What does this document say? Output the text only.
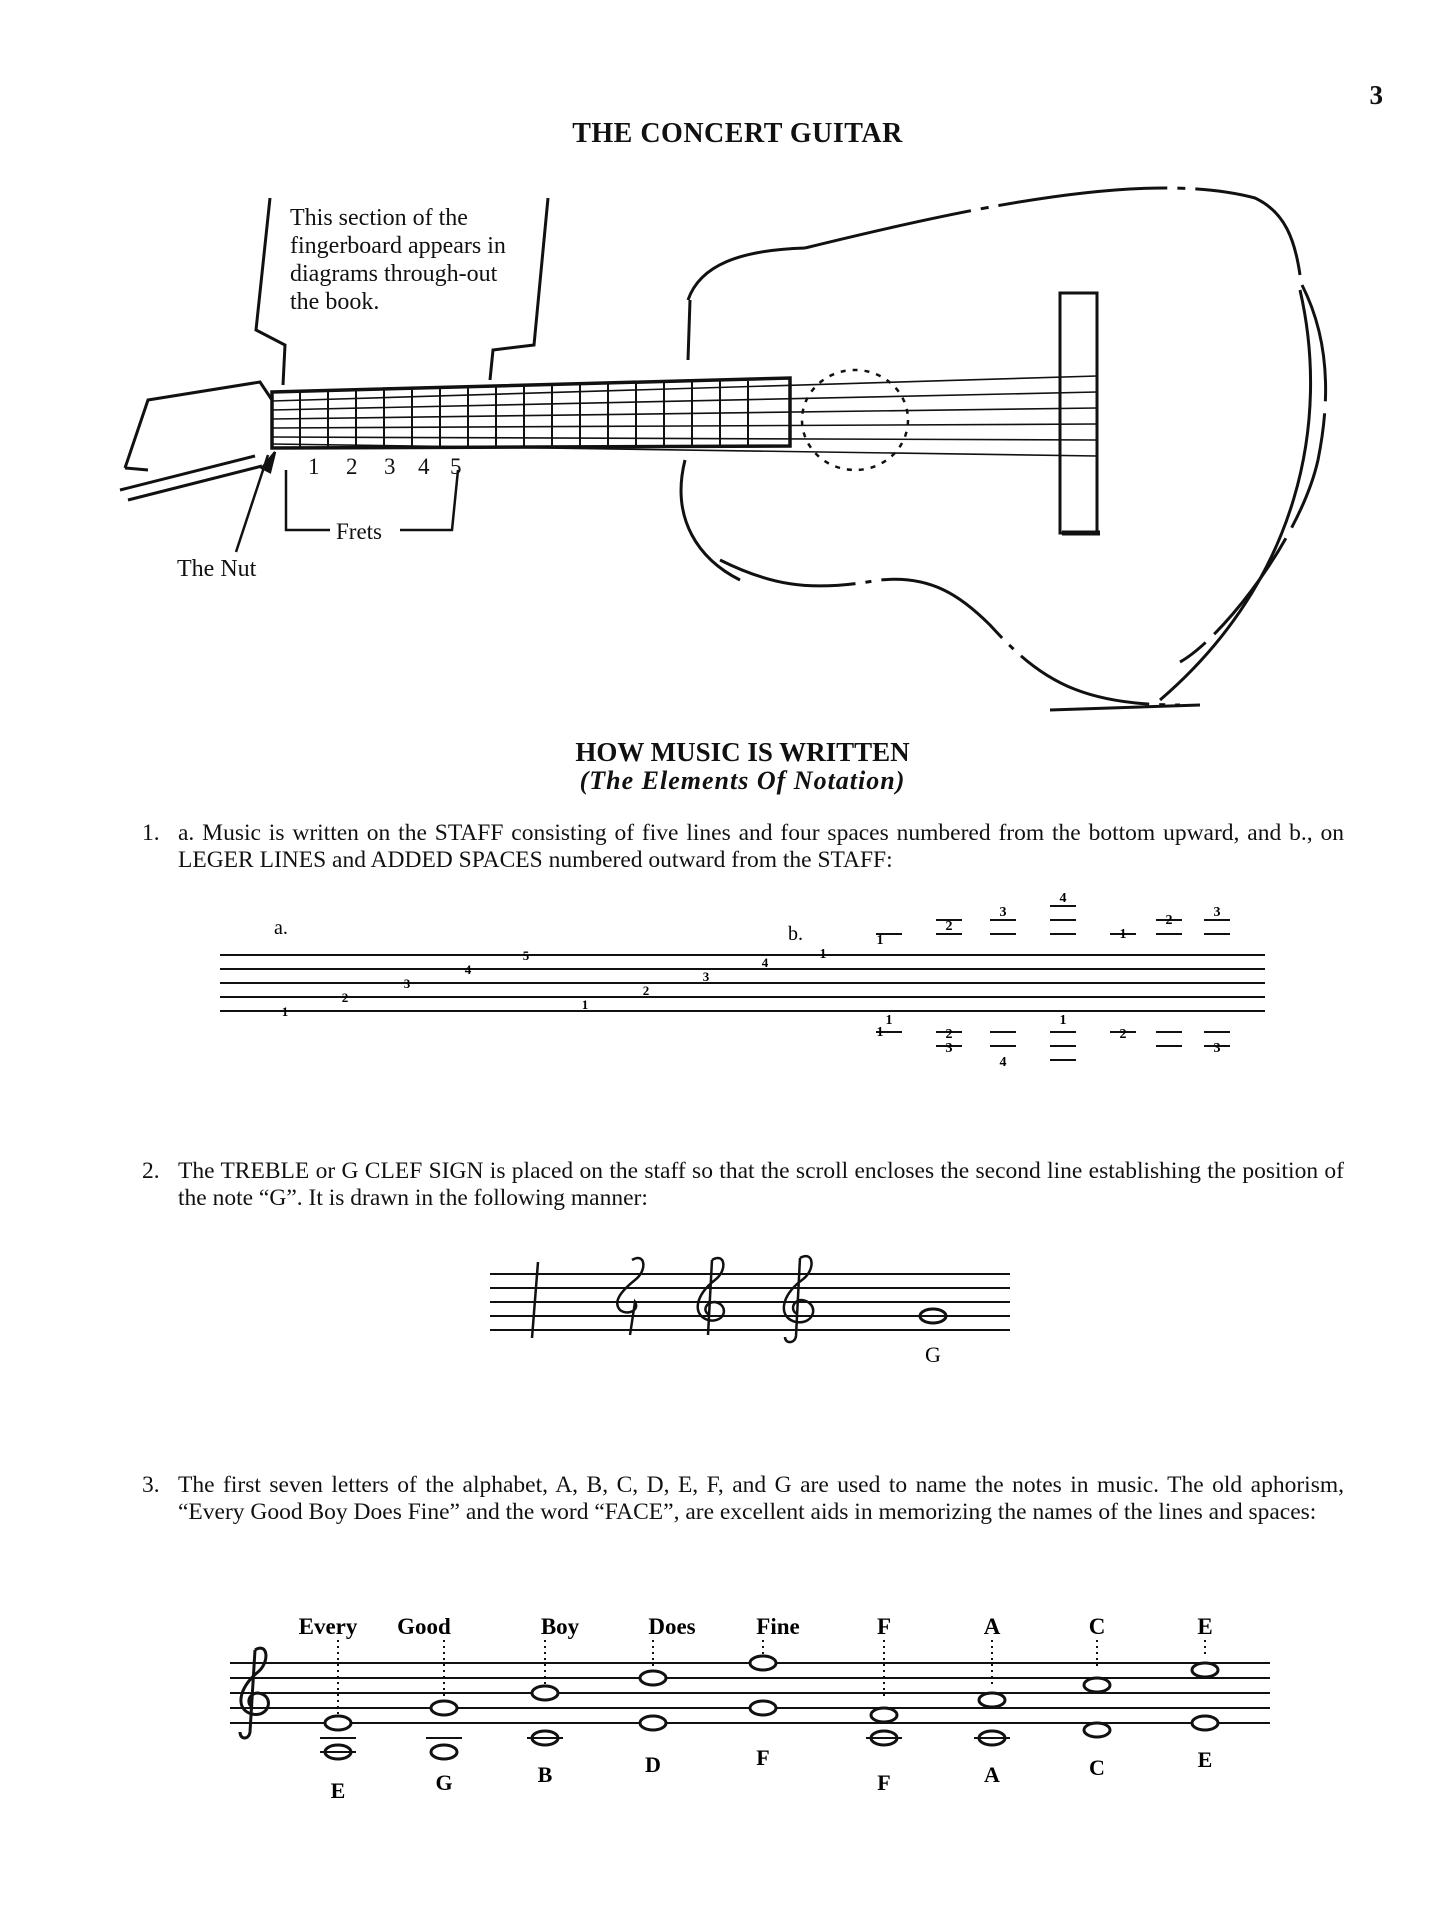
3
THE CONCERT GUITAR
This section of the fingerboard appears in diagrams through-out the book.
The Nut
Frets
1 2 3 4 5
HOW MUSIC IS WRITTEN
(The Elements Of Notation)
1. a. Music is written on the STAFF consisting of five lines and four spaces numbered from the bottom upward, and b., on LEGER LINES and ADDED SPACES numbered outward from the STAFF:
a.	b.
1
2
3
4
5
1
2
3
4
1
1
2
3
4
1
2
3
1
1
2
3
4
1
2
3
2. The TREBLE or G CLEF SIGN is placed on the staff so that the scroll encloses the second line establishing the position of the note “G”. It is drawn in the following manner:
G
3. The first seven letters of the alphabet, A, B, C, D, E, F, and G are used to name the notes in music. The old aphorism, “Every Good Boy Does Fine” and the word “FACE”, are excellent aids in memorizing the names of the lines and spaces:
Every Good	Boy	Does	Fine	F	A	C	E
E	G	B	D	F
F	A	C	E
